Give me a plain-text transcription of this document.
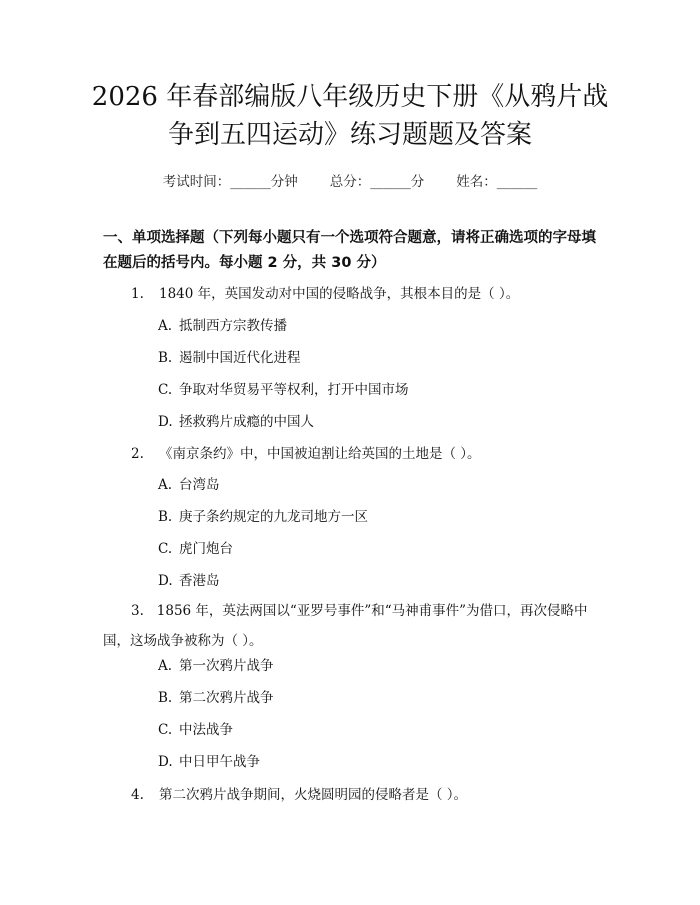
2026 年春部编版八年级历史下册《从鸦片战
争到五四运动》练习题题及答案
考试时间：______分钟 总分：______分 姓名：______
一、单项选择题（下列每小题只有一个选项符合题意，请将正确选项的字母填在题后的括号内。每小题 2 分，共 30 分）
1. 1840 年，英国发动对中国的侵略战争，其根本目的是（ ）。
A. 抵制西方宗教传播
B. 遏制中国近代化进程
C. 争取对华贸易平等权利，打开中国市场
D. 拯救鸦片成瘾的中国人
2. 《南京条约》中，中国被迫割让给英国的土地是（ ）。
A. 台湾岛
B. 庚子条约规定的九龙司地方一区
C. 虎门炮台
D. 香港岛
3. 1856 年，英法两国以“亚罗号事件”和“马神甫事件”为借口，再次侵略中国，这场战争被称为（ ）。
A. 第一次鸦片战争
B. 第二次鸦片战争
C. 中法战争
D. 中日甲午战争
4. 第二次鸦片战争期间，火烧圆明园的侵略者是（ ）。
